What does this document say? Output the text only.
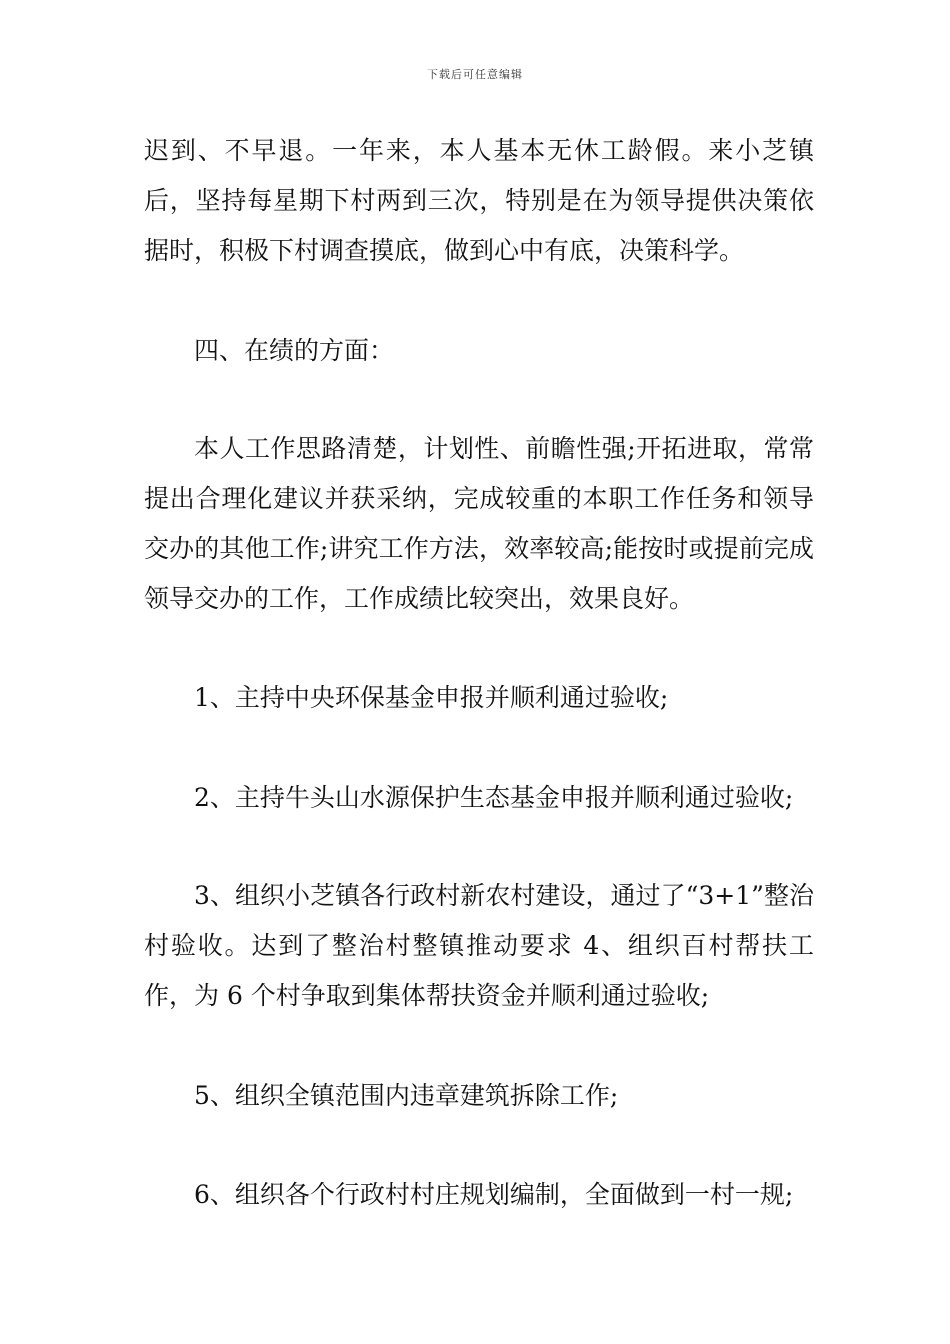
下载后可任意编辑

迟到、不早退。一年来，本人基本无休工龄假。来小芝镇后，坚持每星期下村两到三次，特别是在为领导提供决策依据时，积极下村调查摸底，做到心中有底，决策科学。

四、在绩的方面：

本人工作思路清楚，计划性、前瞻性强;开拓进取，常常提出合理化建议并获采纳，完成较重的本职工作任务和领导交办的其他工作;讲究工作方法，效率较高;能按时或提前完成领导交办的工作，工作成绩比较突出，效果良好。

1、主持中央环保基金申报并顺利通过验收;

2、主持牛头山水源保护生态基金申报并顺利通过验收;

3、组织小芝镇各行政村新农村建设，通过了“3+1”整治村验收。达到了整治村整镇推动要求 4、组织百村帮扶工作，为 6 个村争取到集体帮扶资金并顺利通过验收;

5、组织全镇范围内违章建筑拆除工作;

6、组织各个行政村村庄规划编制，全面做到一村一规;
